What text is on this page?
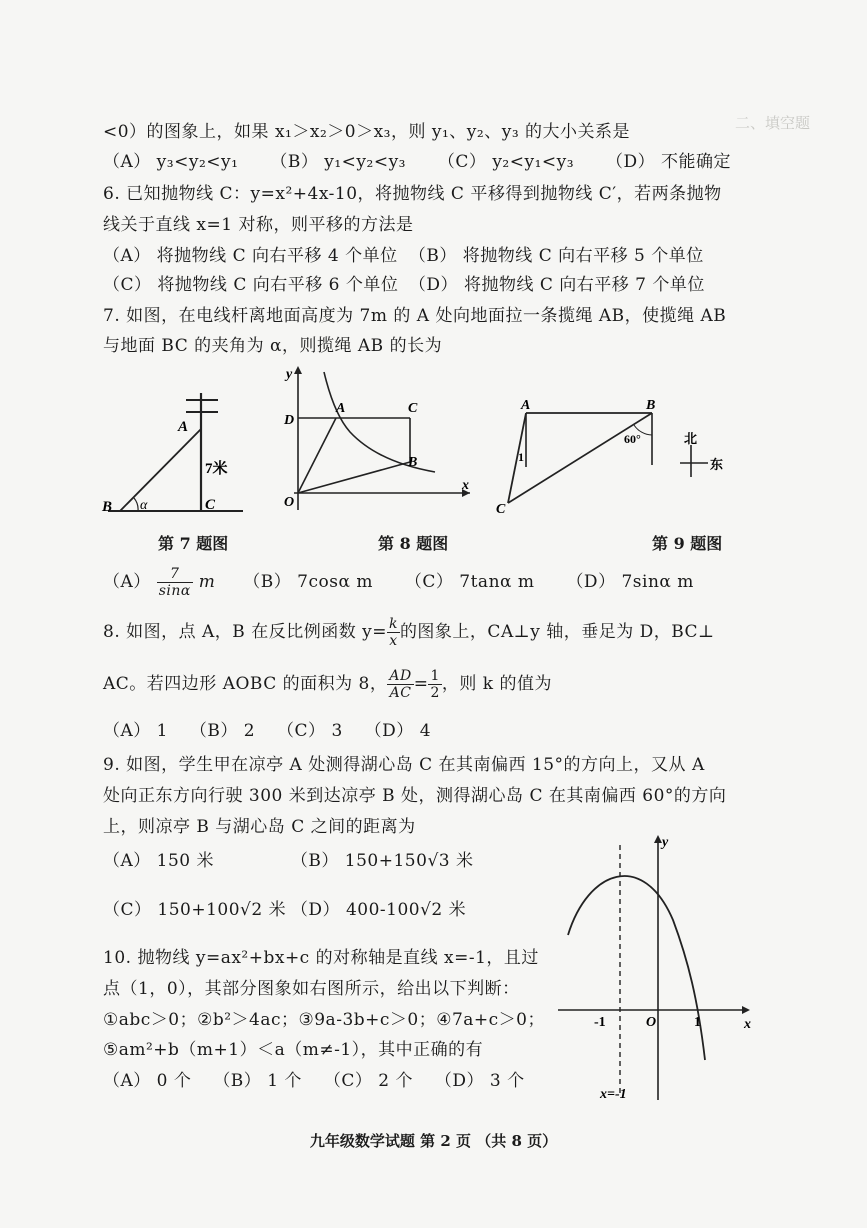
二、填空题
<0）的图象上，如果 x₁＞x₂＞0＞x₃，则 y₁、y₂、y₃ 的大小关系是
（A） y₃<y₂<y₁ （B） y₁<y₂<y₃ （C） y₂<y₁<y₃ （D） 不能确定
6. 已知抛物线 C：y=x²+4x-10，将抛物线 C 平移得到抛物线 C′，若两条抛物
线关于直线 x=1 对称，则平移的方法是
（A） 将抛物线 C 向右平移 4 个单位 （B） 将抛物线 C 向右平移 5 个单位
（C） 将抛物线 C 向右平移 6 个单位 （D） 将抛物线 C 向右平移 7 个单位
7. 如图，在电线杆离地面高度为 7m 的 A 处向地面拉一条揽绳 AB，使揽绳 AB
与地面 BC 的夹角为 α，则揽绳 AB 的长为
A
B	C
α
7米
第 7 题图
y
x
O
D
A	C
B
第 8 题图
A	B
C
60°
1
北
东
第 9 题图
$(A) \frac{7}{\sin\alpha}$ m （B） 7cosα m （C） 7tanα m （D） 7sinα m
8. 如图，点 A，B 在反比例函数 $y= \frac{k}{x}$ 的图象上，CA⊥y 轴，垂足为 D，BC⊥
AC。若四边形 AOBC 的面积为 8， $\frac{AD}{AC} = \frac{1}{2}$ ，则 k 的值为
（A） 1 （B） 2 （C） 3 （D） 4
9. 如图，学生甲在凉亭 A 处测得湖心岛 C 在其南偏西 15°的方向上，又从 A
处向正东方向行驶 300 米到达凉亭 B 处，测得湖心岛 C 在其南偏西 60°的方向
上，则凉亭 B 与湖心岛 C 之间的距离为
（A） 150 米	（B） 150+150√3 米
（C） 150+100√2 米 （D） 400-100√2 米
10. 抛物线 y=ax²+bx+c 的对称轴是直线 x=-1，且过
点（1，0），其部分图象如右图所示，给出以下判断：
①abc＞0；②b²＞4ac；③9a-3b+c＞0；④7a+c＞0；
⑤am²+b（m+1）＜a（m≠-1），其中正确的有
（A） 0 个 （B） 1 个 （C） 2 个 （D） 3 个
x
y
O
-1	1
x=-1
九年级数学试题 第 2 页 （共 8 页）
